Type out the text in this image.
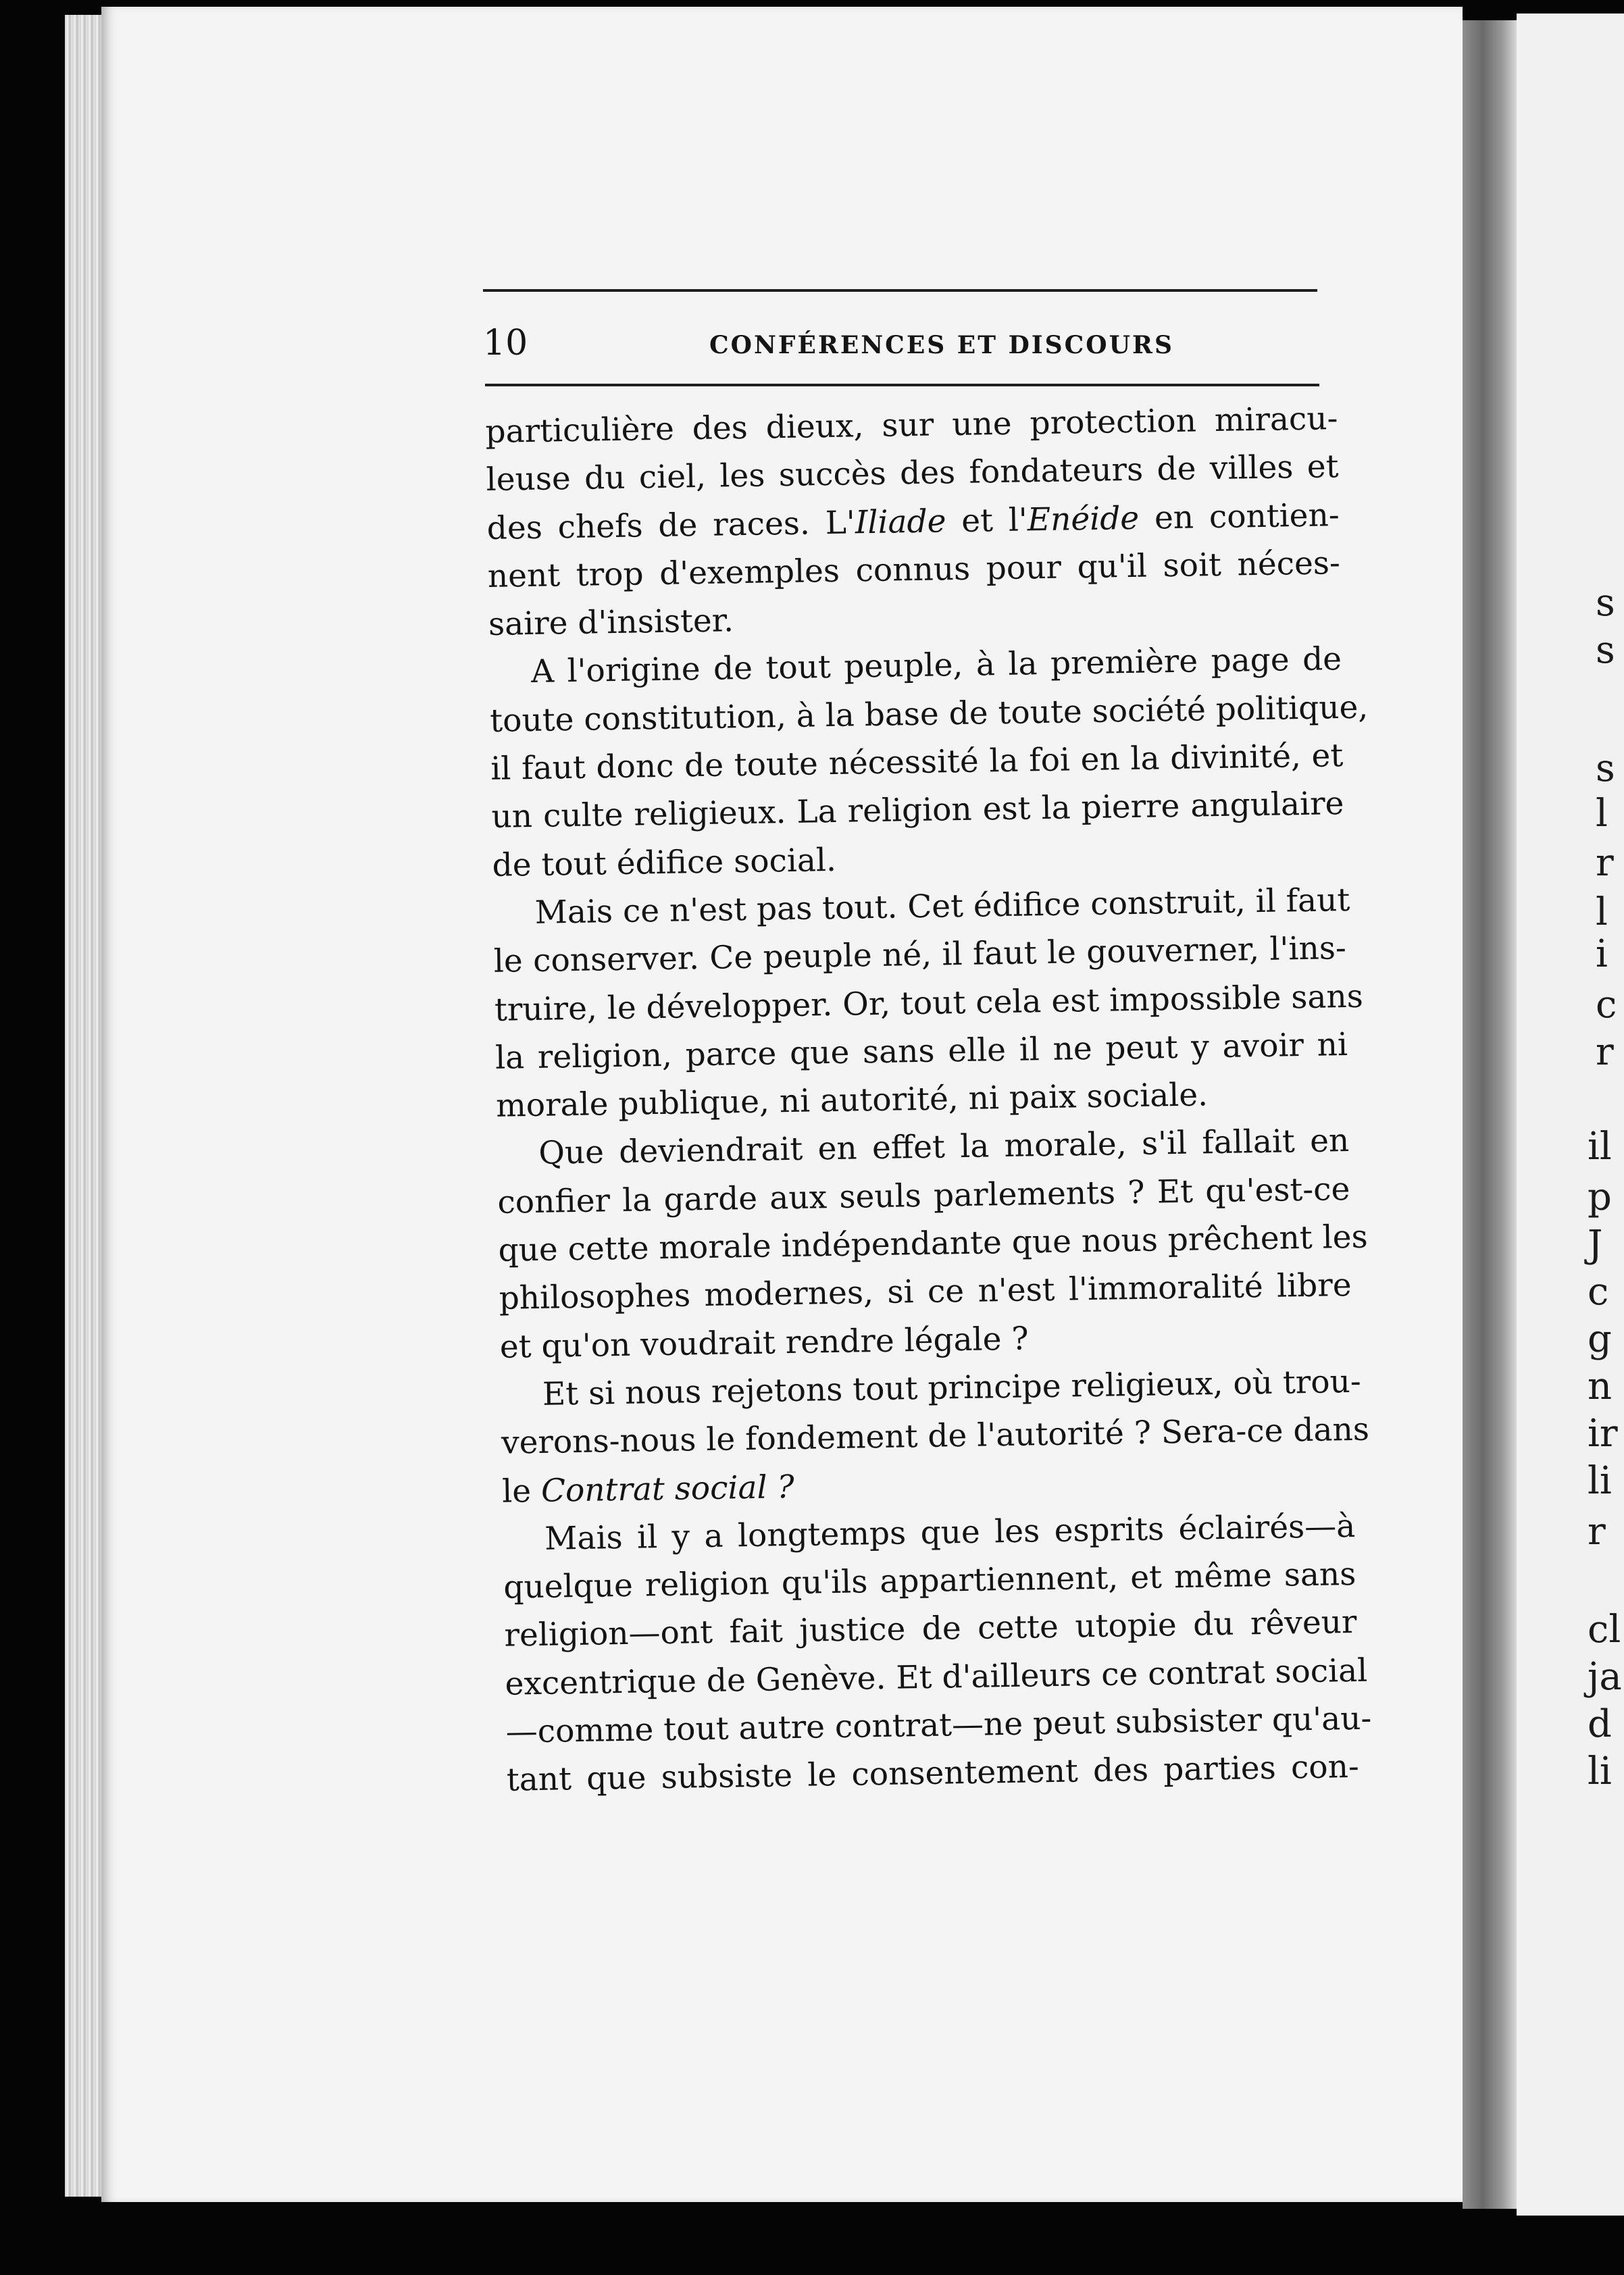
s
s
s
l
r
l
i
c
r
il
p
J
c
g
n
ir
li
r
cl
ja
d
li
10	CONFÉRENCES ET DISCOURS
particulière des dieux, sur une protection miracu-
leuse du ciel, les succès des fondateurs de villes et
des chefs de races. L'Iliade et l'Enéide en contien-
nent trop d'exemples connus pour qu'il soit néces-
saire d'insister.
A l'origine de tout peuple, à la première page de
toute constitution, à la base de toute société politique,
il faut donc de toute nécessité la foi en la divinité, et
un culte religieux. La religion est la pierre angulaire
de tout édifice social.
Mais ce n'est pas tout. Cet édifice construit, il faut
le conserver. Ce peuple né, il faut le gouverner, l'ins-
truire, le développer. Or, tout cela est impossible sans
la religion, parce que sans elle il ne peut y avoir ni
morale publique, ni autorité, ni paix sociale.
Que deviendrait en effet la morale, s'il fallait en
confier la garde aux seuls parlements ? Et qu'est-ce
que cette morale indépendante que nous prêchent les
philosophes modernes, si ce n'est l'immoralité libre
et qu'on voudrait rendre légale ?
Et si nous rejetons tout principe religieux, où trou-
verons-nous le fondement de l'autorité ? Sera-ce dans
le Contrat social ?
Mais il y a longtemps que les esprits éclairés—à
quelque religion qu'ils appartiennent, et même sans
religion—ont fait justice de cette utopie du rêveur
excentrique de Genève. Et d'ailleurs ce contrat social
—comme tout autre contrat—ne peut subsister qu'au-
tant que subsiste le consentement des parties con-
